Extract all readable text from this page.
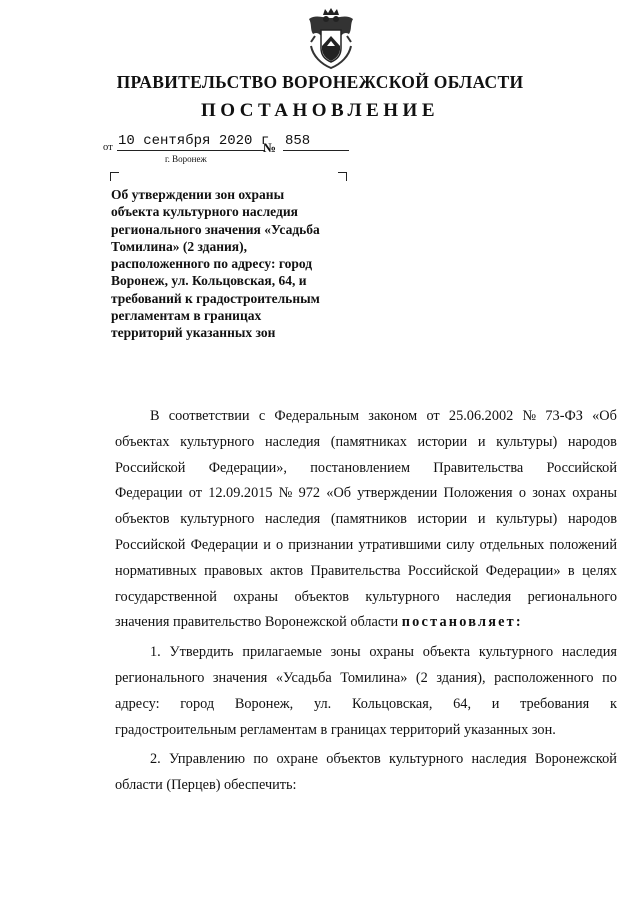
ПРАВИТЕЛЬСТВО ВОРОНЕЖСКОЙ ОБЛАСТИ
ПОСТАНОВЛЕНИЕ
от 10 сентября 2020 г
№ 858
г. Воронеж
Об утверждении зон охраны
объекта культурного наследия
регионального значения «Усадьба
Томилина» (2 здания),
расположенного по адресу: город
Воронеж, ул. Кольцовская, 64, и
требований к градостроительным
регламентам в границах
территорий указанных зон
В соответствии с Федеральным законом от 25.06.2002 № 73-ФЗ «Об
объектах культурного наследия (памятниках истории и культуры) народов
Российской Федерации», постановлением Правительства Российской
Федерации от 12.09.2015 № 972 «Об утверждении Положения о зонах охраны
объектов культурного наследия (памятников истории и культуры) народов
Российской Федерации и о признании утратившими силу отдельных положений
нормативных правовых актов Правительства Российской Федерации» в целях
государственной охраны объектов культурного наследия регионального
значения правительство Воронежской области постановляет:
1. Утвердить прилагаемые зоны охраны объекта культурного наследия
регионального значения «Усадьба Томилина» (2 здания), расположенного по
адресу: город Воронеж, ул. Кольцовская, 64, и требования к
градостроительным регламентам в границах территорий указанных зон.
2. Управлению по охране объектов культурного наследия Воронежской
области (Перцев) обеспечить:
